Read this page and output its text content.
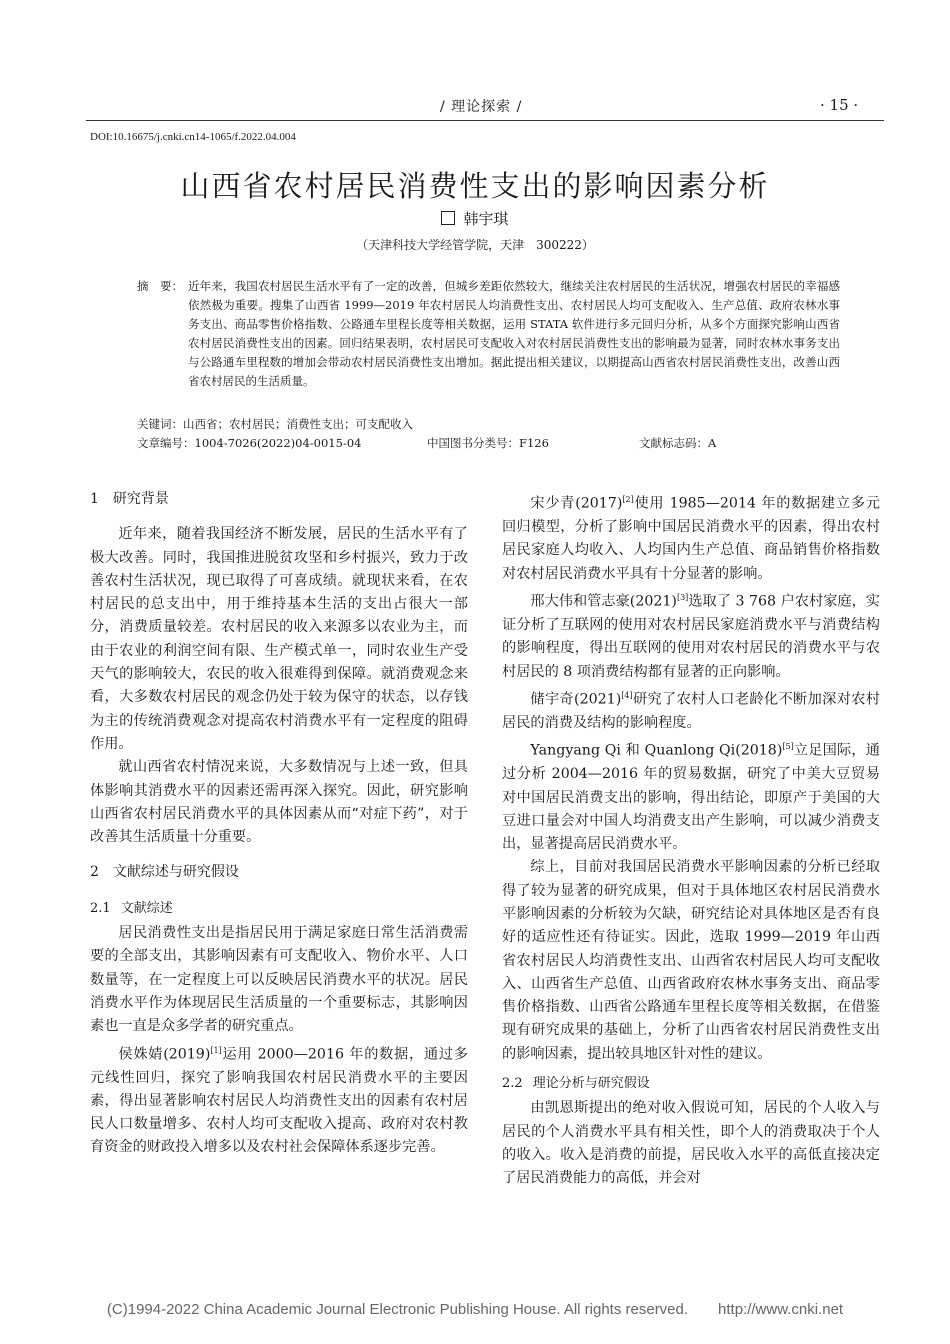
/ 理论探索 /	· 15 ·
DOI:10.16675/j.cnki.cn14-1065/f.2022.04.004
山西省农村居民消费性支出的影响因素分析
韩宇琪
（天津科技大学经管学院，天津　300222）
摘　要： 近年来，我国农村居民生活水平有了一定的改善，但城乡差距依然较大，继续关注农村居民的生活状况，增强农村居民的幸福感依然极为重要。搜集了山西省 1999—2019 年农村居民人均消费性支出、农村居民人均可支配收入、生产总值、政府农林水事务支出、商品零售价格指数、公路通车里程长度等相关数据，运用 STATA 软件进行多元回归分析，从多个方面探究影响山西省农村居民消费性支出的因素。回归结果表明，农村居民可支配收入对农村居民消费性支出的影响最为显著，同时农林水事务支出与公路通车里程数的增加会带动农村居民消费性支出增加。据此提出相关建议，以期提高山西省农村居民消费性支出，改善山西省农村居民的生活质量。
关键词：山西省；农村居民；消费性支出；可支配收入
文章编号：1004-7026(2022)04-0015-04	中国图书分类号：F126	文献标志码：A

1 研究背景

近年来，随着我国经济不断发展，居民的生活水平有了极大改善。同时，我国推进脱贫攻坚和乡村振兴，致力于改善农村生活状况，现已取得了可喜成绩。就现状来看，在农村居民的总支出中，用于维持基本生活的支出占很大一部分，消费质量较差。农村居民的收入来源多以农业为主，而由于农业的利润空间有限、生产模式单一，同时农业生产受天气的影响较大，农民的收入很难得到保障。就消费观念来看，大多数农村居民的观念仍处于较为保守的状态，以存钱为主的传统消费观念对提高农村消费水平有一定程度的阻碍作用。

就山西省农村情况来说，大多数情况与上述一致，但具体影响其消费水平的因素还需再深入探究。因此，研究影响山西省农村居民消费水平的具体因素从而“对症下药”，对于改善其生活质量十分重要。

2 文献综述与研究假设

2.1 文献综述

居民消费性支出是指居民用于满足家庭日常生活消费需要的全部支出，其影响因素有可支配收入、物价水平、人口数量等，在一定程度上可以反映居民消费水平的状况。居民消费水平作为体现居民生活质量的一个重要标志，其影响因素也一直是众多学者的研究重点。

侯姝婧(2019)[1]运用 2000—2016 年的数据，通过多元线性回归，探究了影响我国农村居民消费水平的主要因素，得出显著影响农村居民人均消费性支出的因素有农村居民人口数量增多、农村人均可支配收入提高、政府对农村教育资金的财政投入增多以及农村社会保障体系逐步完善。

宋少青(2017)[2]使用 1985—2014 年的数据建立多元回归模型，分析了影响中国居民消费水平的因素，得出农村居民家庭人均收入、人均国内生产总值、商品销售价格指数对农村居民消费水平具有十分显著的影响。

邢大伟和管志豪(2021)[3]选取了 3 768 户农村家庭，实证分析了互联网的使用对农村居民家庭消费水平与消费结构的影响程度，得出互联网的使用对农村居民的消费水平与农村居民的 8 项消费结构都有显著的正向影响。

储宇奇(2021)[4]研究了农村人口老龄化不断加深对农村居民的消费及结构的影响程度。

Yangyang Qi 和 Quanlong Qi(2018)[5]立足国际，通过分析 2004—2016 年的贸易数据，研究了中美大豆贸易对中国居民消费支出的影响，得出结论，即原产于美国的大豆进口量会对中国人均消费支出产生影响，可以减少消费支出，显著提高居民消费水平。

综上，目前对我国居民消费水平影响因素的分析已经取得了较为显著的研究成果，但对于具体地区农村居民消费水平影响因素的分析较为欠缺，研究结论对具体地区是否有良好的适应性还有待证实。因此，选取 1999—2019 年山西省农村居民人均消费性支出、山西省农村居民人均可支配收入、山西省生产总值、山西省政府农林水事务支出、商品零售价格指数、山西省公路通车里程长度等相关数据，在借鉴现有研究成果的基础上，分析了山西省农村居民消费性支出的影响因素，提出较具地区针对性的建议。

2.2 理论分析与研究假设

由凯恩斯提出的绝对收入假说可知，居民的个人收入与居民的个人消费水平具有相关性，即个人的消费取决于个人的收入。收入是消费的前提，居民收入水平的高低直接决定了居民消费能力的高低，并会对

(C)1994-2022 China Academic Journal Electronic Publishing House. All rights reserved.　　http://www.cnki.net
